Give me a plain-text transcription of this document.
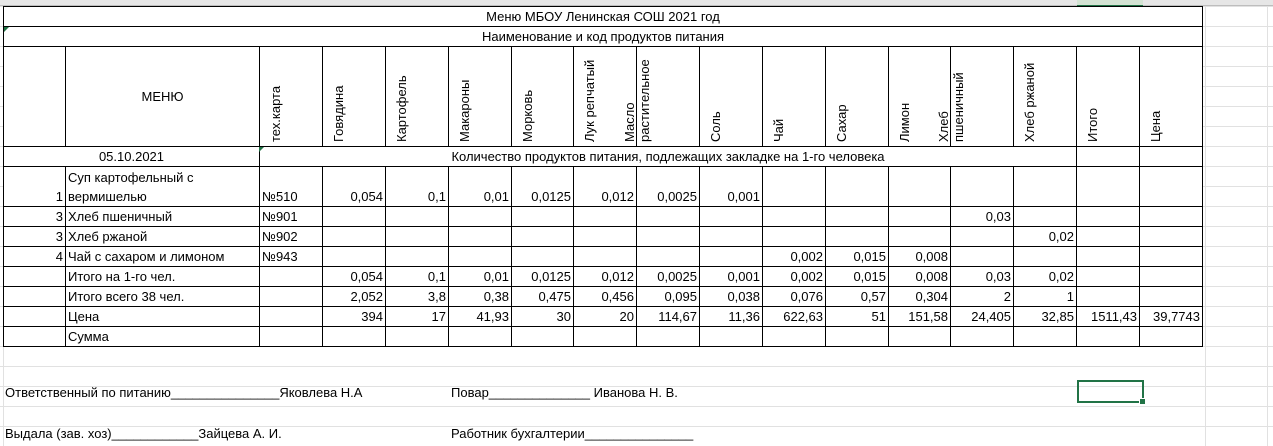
Меню МБОУ Ленинская СОШ 2021 год																
Наименование и код продуктов питания																
	МЕНЮ	тех.карта	Говядина	Картофель	Макароны	Морковь	Лук репчатый	Масло растительное	Соль	Чай	Сахар	Лимон	Хлеб пшеничный	Хлеб ржаной	Итого	Цена

05.10.2021		Количество продуктов питания, подлежащих закладке на 1-го человека														
1	Суп картофельный с вермишелью	№510	0,054	0,1	0,01	0,0125	0,012	0,0025	0,001							
3	Хлеб пшеничный	№901											0,03			
3	Хлеб ржаной	№902												0,02		
4	Чай с сахаром и лимоном	№943								0,002	0,015	0,008				
	Итого на 1-го чел.		0,054	0,1	0,01	0,0125	0,012	0,0025	0,001	0,002	0,015	0,008	0,03	0,02		
	Итого всего 38 чел.		2,052	3,8	0,38	0,475	0,456	0,095	0,038	0,076	0,57	0,304	2	1		
	Цена		394	17	41,93	30	20	114,67	11,36	622,63	51	151,58	24,405	32,85	1511,43	39,7743
	Сумма															
Ответственный по питанию_______________Яковлева Н.А	Повар______________ Иванова Н. В.
Выдала (зав. хоз)____________Зайцева А. И.	Работник бухгалтерии_______________
